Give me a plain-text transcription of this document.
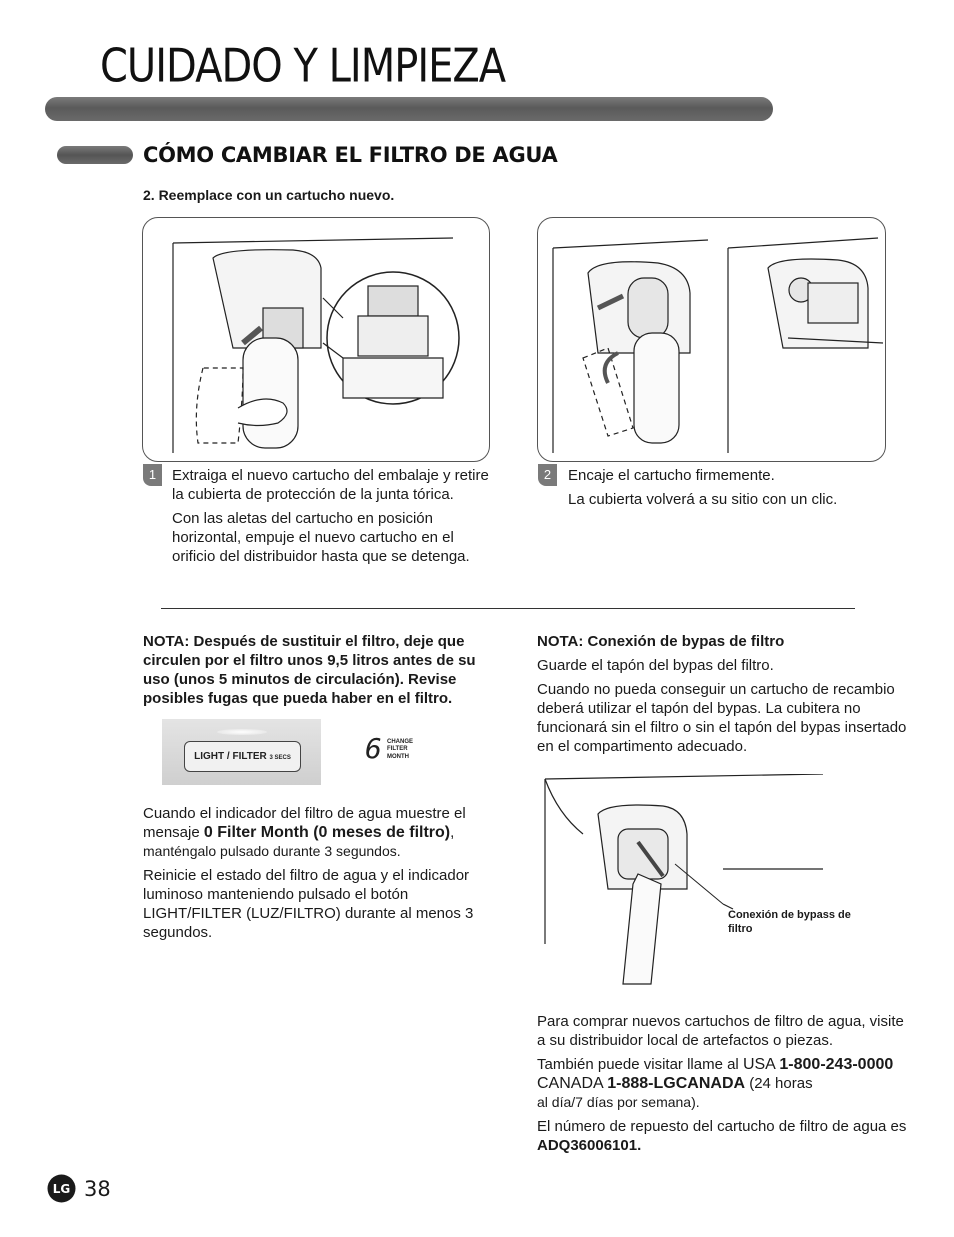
CUIDADO Y LIMPIEZA
CÓMO CAMBIAR EL FILTRO DE AGUA
2. Reemplace con un cartucho nuevo.
1	Extraiga el nuevo cartucho del embalaje y retire la cubierta de protección de la junta tórica.

Con las aletas del cartucho en posición horizontal, empuje el nuevo cartucho en el orificio del distribuidor hasta que se detenga.

2	Encaje el cartucho firmemente.

La cubierta volverá a su sitio con un clic.

NOTA: Después de sustituir el filtro, deje que circulen por el filtro unos 9,5 litros antes de su uso (unos 5 minutos de circulación). Revise posibles fugas que pueda haber en el filtro.
LIGHT / FILTER 3 SECS	6 CHANGE
FILTER
MONTH

Cuando el indicador del filtro de agua muestre el mensaje 0 Filter Month (0 meses de filtro),
manténgalo pulsado durante 3 segundos.

Reinicie el estado del filtro de agua y el indicador luminoso manteniendo pulsado el botón LIGHT/FILTER (LUZ/FILTRO) durante al menos 3 segundos.

NOTA: Conexión de bypas de filtro

Guarde el tapón del bypas del filtro.

Cuando no pueda conseguir un cartucho de recambio deberá utilizar el tapón del bypas. La cubitera no funcionará sin el filtro o sin el tapón del bypas insertado en el compartimento adecuado.

Conexión de bypass de filtro

Para comprar nuevos cartuchos de filtro de agua, visite a su distribuidor local de artefactos o piezas.

También puede visitar llame al USA 1-800-243-0000 CANADA 1-888-LGCANADA (24 horas
al día/7 días por semana).

El número de repuesto del cartucho de filtro de agua es ADQ36006101.

LG 38
